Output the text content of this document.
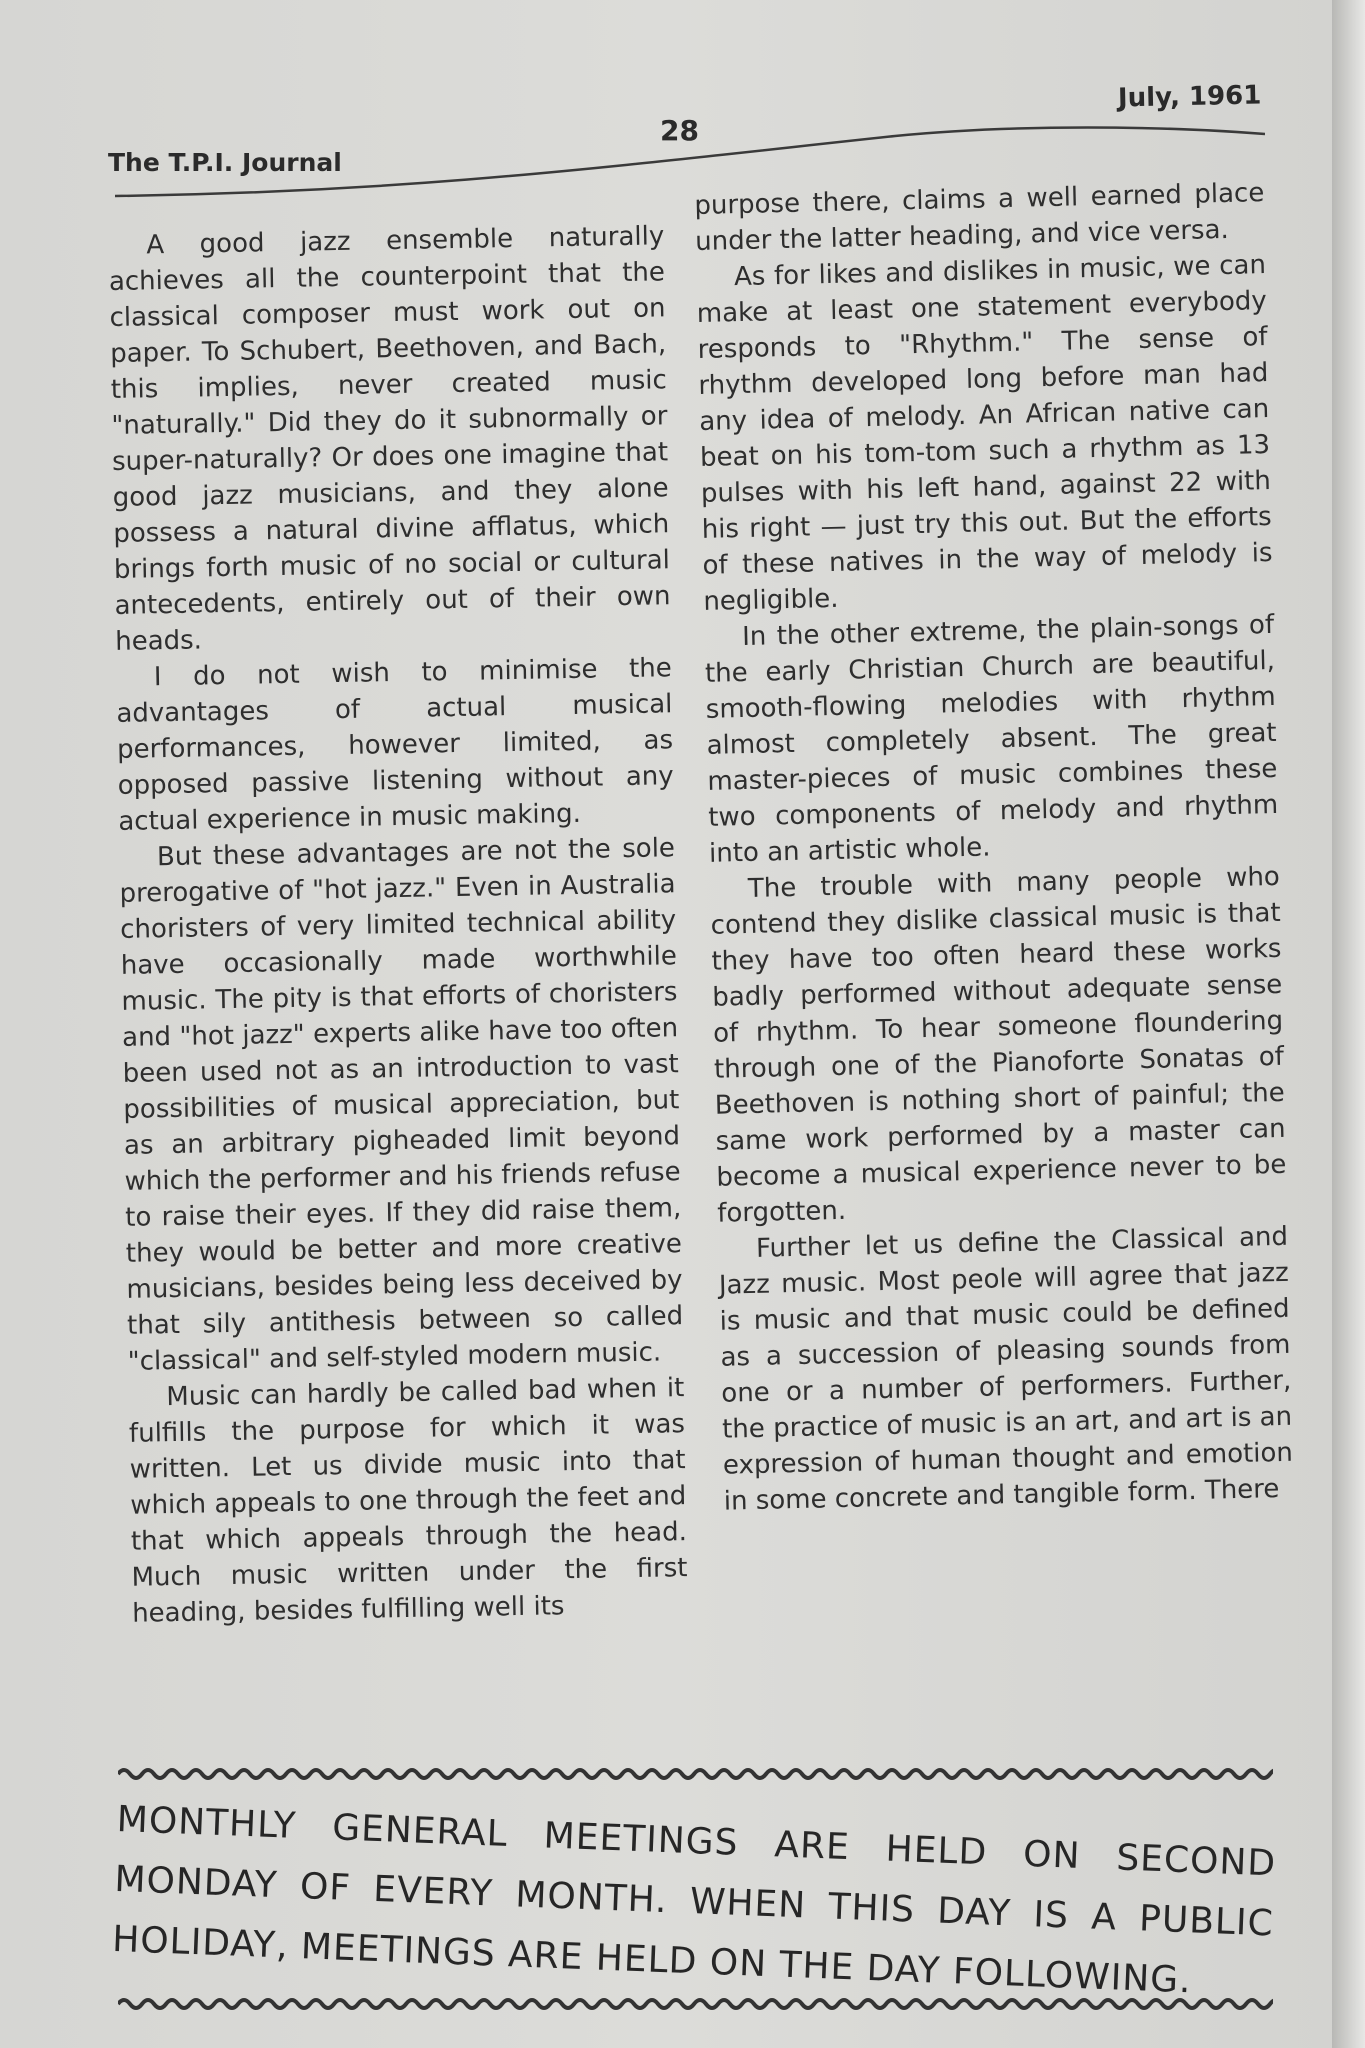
The T.P.I. Journal
28
July, 1961

A good jazz ensemble naturally achieves all the counterpoint that the classical composer must work out on paper. To Schubert, Beethoven, and Bach, this implies, never created music "naturally." Did they do it subnormally or super-naturally? Or does one imagine that good jazz musicians, and they alone possess a natural divine afflatus, which brings forth music of no social or cultural antecedents, entirely out of their own heads.

I do not wish to minimise the advantages of actual musical performances, however limited, as opposed passive listening without any actual experience in music making.

But these advantages are not the sole prerogative of "hot jazz." Even in Australia choristers of very limited technical ability have occasionally made worthwhile music. The pity is that efforts of choristers and "hot jazz" experts alike have too often been used not as an introduction to vast possibilities of musical appreciation, but as an arbitrary pigheaded limit beyond which the performer and his friends refuse to raise their eyes. If they did raise them, they would be better and more creative musicians, besides being less deceived by that sily antithesis between so called "classical" and self-styled modern music.

Music can hardly be called bad when it fulfills the purpose for which it was written. Let us divide music into that which appeals to one through the feet and that which appeals through the head. Much music written under the first heading, besides fulfilling well its

purpose there, claims a well earned place under the latter heading, and vice versa.

As for likes and dislikes in music, we can make at least one statement everybody responds to "Rhythm." The sense of rhythm developed long before man had any idea of melody. An African native can beat on his tom-tom such a rhythm as 13 pulses with his left hand, against 22 with his right — just try this out. But the efforts of these natives in the way of melody is negligible.

In the other extreme, the plain-songs of the early Christian Church are beautiful, smooth-flowing melodies with rhythm almost completely absent. The great master-pieces of music combines these two components of melody and rhythm into an artistic whole.

The trouble with many people who contend they dislike classical music is that they have too often heard these works badly performed without adequate sense of rhythm. To hear someone floundering through one of the Pianoforte Sonatas of Beethoven is nothing short of painful; the same work performed by a master can become a musical experience never to be forgotten.

Further let us define the Classical and Jazz music. Most peole will agree that jazz is music and that music could be defined as a succession of pleasing sounds from one or a number of performers. Further, the practice of music is an art, and art is an expression of human thought and emotion in some concrete and tangible form. There

MONTHLY GENERAL MEETINGS ARE HELD ON SECOND MONDAY OF EVERY MONTH. WHEN THIS DAY IS A PUBLIC HOLIDAY, MEETINGS ARE HELD ON THE DAY FOLLOWING.
